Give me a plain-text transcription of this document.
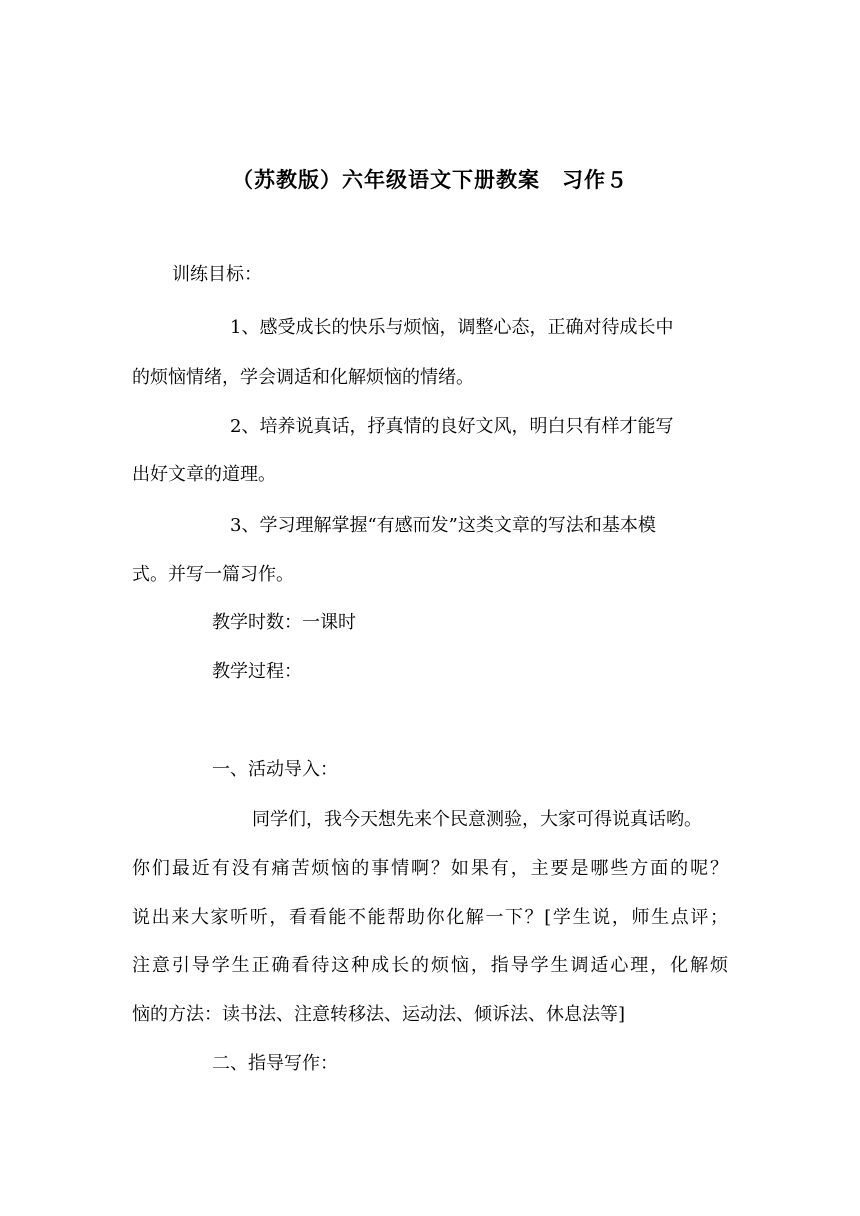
（苏教版）六年级语文下册教案　习作５

训练目标：

1、感受成长的快乐与烦恼，调整心态，正确对待成长中

的烦恼情绪，学会调适和化解烦恼的情绪。

2、培养说真话，抒真情的良好文风，明白只有样才能写

出好文章的道理。

3、学习理解掌握“有感而发”这类文章的写法和基本模

式。并写一篇习作。

教学时数：一课时

教学过程：

一、活动导入：

同学们，我今天想先来个民意测验，大家可得说真话哟。

你们最近有没有痛苦烦恼的事情啊？如果有，主要是哪些方面的呢？

说出来大家听听，看看能不能帮助你化解一下？[学生说，师生点评；

注意引导学生正确看待这种成长的烦恼，指导学生调适心理，化解烦

恼的方法：读书法、注意转移法、运动法、倾诉法、休息法等]

二、指导写作：
